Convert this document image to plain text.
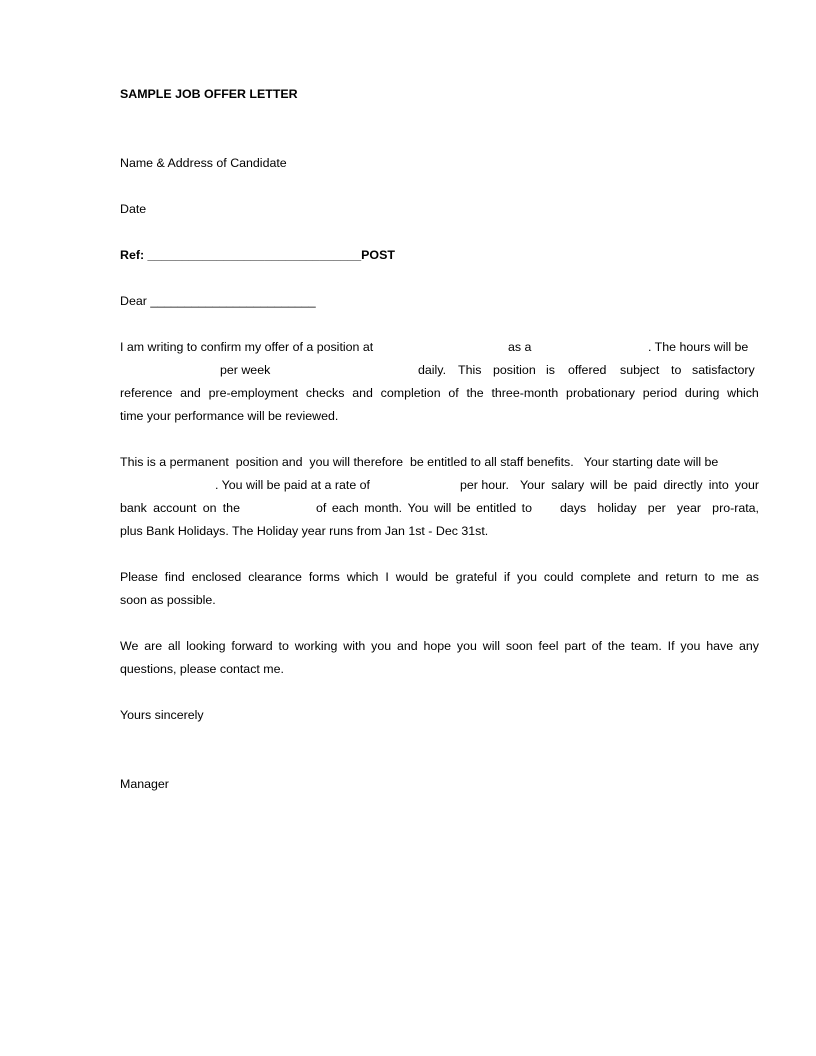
SAMPLE JOB OFFER LETTER
Name & Address of Candidate
Date
Ref: _______________________________POST
Dear ________________________
I am writing to confirm my offer of a position at	as a	. The hours will be
per week	daily. This position is offered subject to satisfactory
reference and pre-employment checks and completion of the three-month probationary period during which
time your performance will be reviewed.
This is a permanent  position and  you will therefore  be entitled to all staff benefits.   Your starting date will be
. You will be paid at a rate of	per hour. Your salary will be paid directly into your
bank account on the	of each month. You will be entitled to days holiday per year pro-rata,
plus Bank Holidays. The Holiday year runs from Jan 1st - Dec 31st.
Please find enclosed clearance forms which I would be grateful if you could complete and return to me as
soon as possible.
We are all looking forward to working with you and hope you will soon feel part of the team. If you have any
questions, please contact me.
Yours sincerely
Manager
